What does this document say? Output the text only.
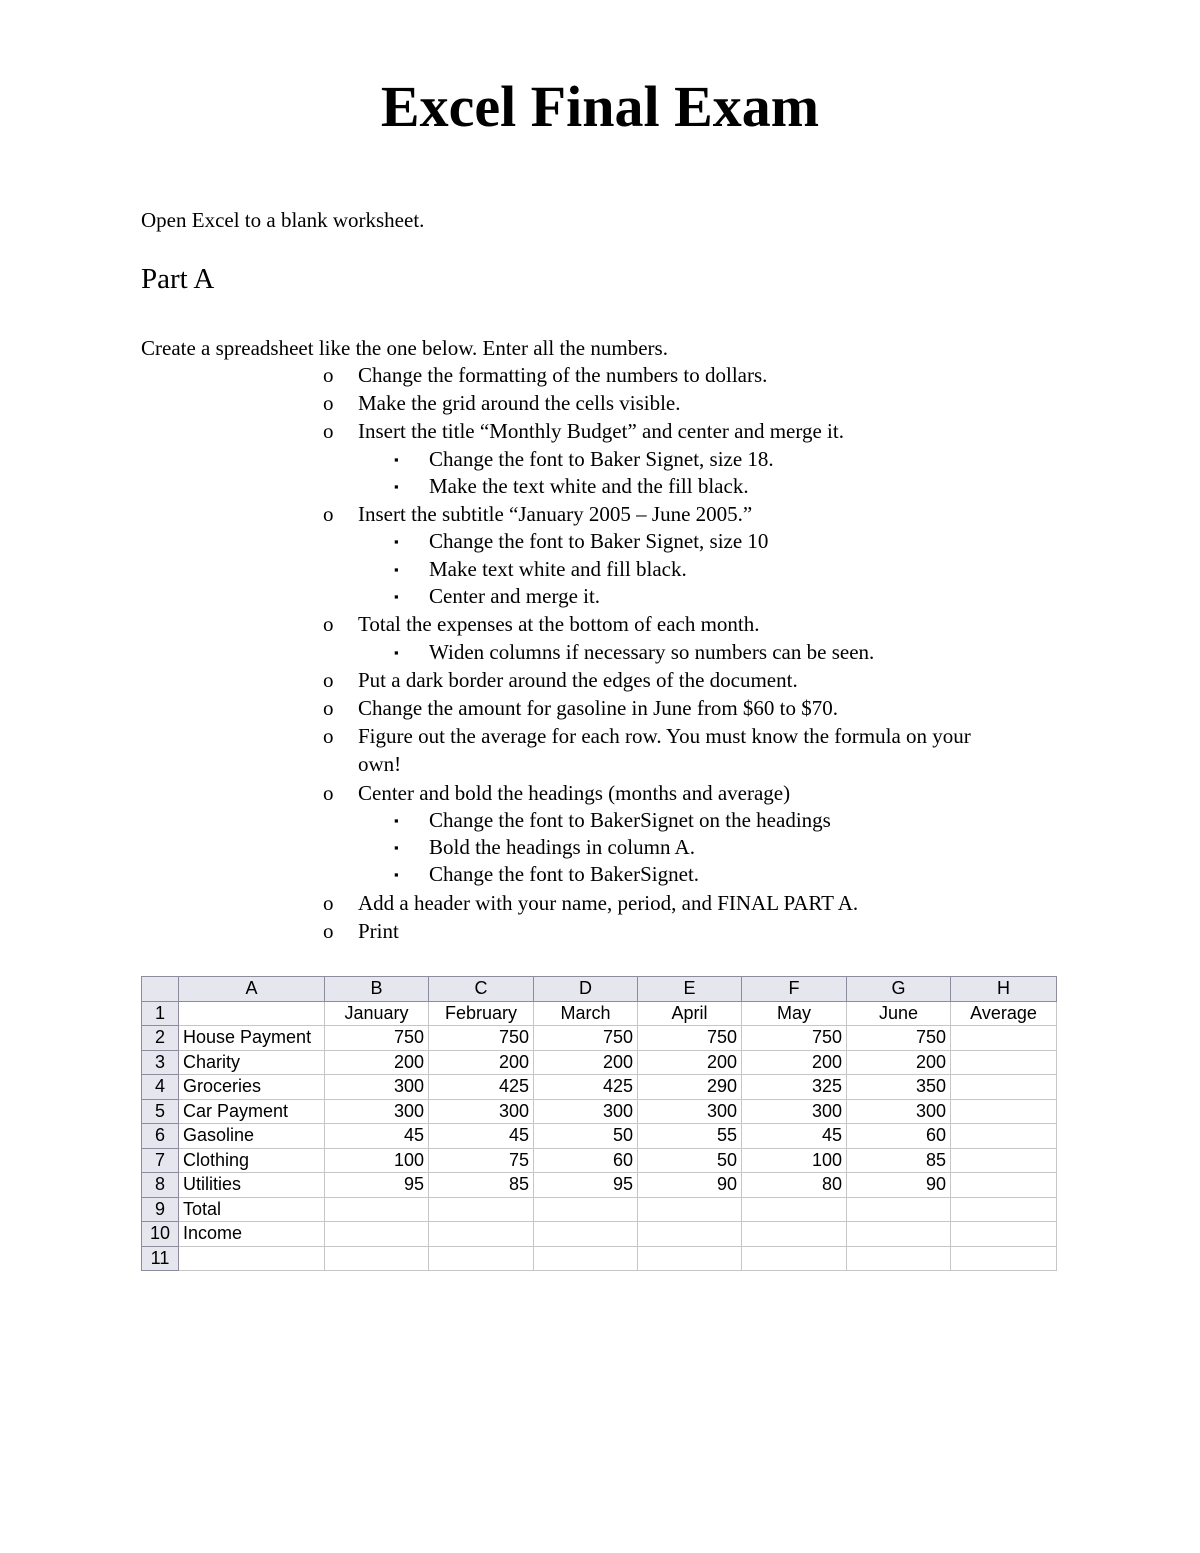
Excel Final Exam

Open Excel to a blank worksheet.

Part A

Create a spreadsheet like the one below. Enter all the numbers.

o Change the formatting of the numbers to dollars.
o Make the grid around the cells visible.
o Insert the title “Monthly Budget” and center and merge it.
▪ Change the font to Baker Signet, size 18.
▪ Make the text white and the fill black.
o Insert the subtitle “January 2005 – June 2005.”
▪ Change the font to Baker Signet, size 10
▪ Make text white and fill black.
▪ Center and merge it.
o Total the expenses at the bottom of each month.
▪ Widen columns if necessary so numbers can be seen.
o Put a dark border around the edges of the document.
o Change the amount for gasoline in June from $60 to $70.
o Figure out the average for each row. You must know the formula on your
own!
o Center and bold the headings (months and average)
▪ Change the font to BakerSignet on the headings
▪ Bold the headings in column A.
▪ Change the font to BakerSignet.
o Add a header with your name, period, and FINAL PART A.
o Print
	A	B	C	D	E	F	G	H
1		January	February	March	April	May	June	Average
2	House Payment	750	750	750	750	750	750	
3	Charity	200	200	200	200	200	200	
4	Groceries	300	425	425	290	325	350	
5	Car Payment	300	300	300	300	300	300	
6	Gasoline	45	45	50	55	45	60	
7	Clothing	100	75	60	50	100	85	
8	Utilities	95	85	95	90	80	90	
9	Total							
10	Income							
11								
